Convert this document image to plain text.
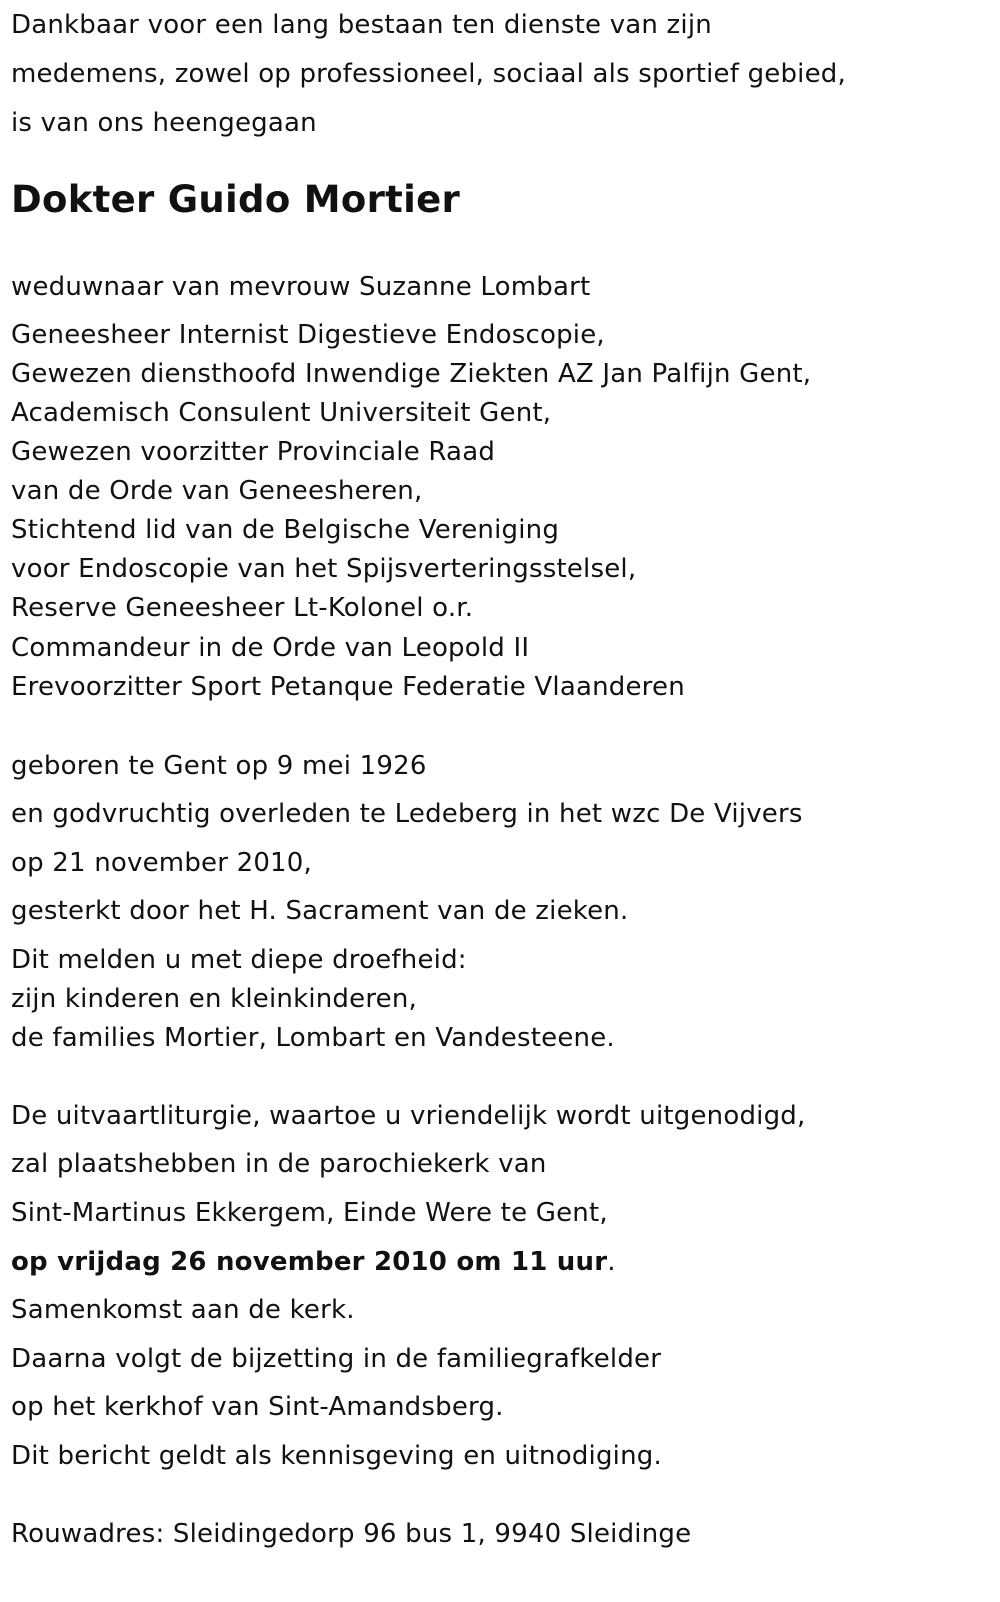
Dankbaar voor een lang bestaan ten dienste van zijn
medemens, zowel op professioneel, sociaal als sportief gebied,
is van ons heengegaan
Dokter Guido Mortier
weduwnaar van mevrouw Suzanne Lombart
Geneesheer Internist Digestieve Endoscopie,
Gewezen diensthoofd Inwendige Ziekten AZ Jan Palfijn Gent,
Academisch Consulent Universiteit Gent,
Gewezen voorzitter Provinciale Raad
van de Orde van Geneesheren,
Stichtend lid van de Belgische Vereniging
voor Endoscopie van het Spijsverteringsstelsel,
Reserve Geneesheer Lt-Kolonel o.r.
Commandeur in de Orde van Leopold II
Erevoorzitter Sport Petanque Federatie Vlaanderen
geboren te Gent op 9 mei 1926
en godvruchtig overleden te Ledeberg in het wzc De Vijvers
op 21 november 2010,
gesterkt door het H. Sacrament van de zieken.
Dit melden u met diepe droefheid:
zijn kinderen en kleinkinderen,
de families Mortier, Lombart en Vandesteene.
De uitvaartliturgie, waartoe u vriendelijk wordt uitgenodigd,
zal plaatshebben in de parochiekerk van
Sint-Martinus Ekkergem, Einde Were te Gent,
op vrijdag 26 november 2010 om 11 uur.
Samenkomst aan de kerk.
Daarna volgt de bijzetting in de familiegrafkelder
op het kerkhof van Sint-Amandsberg.
Dit bericht geldt als kennisgeving en uitnodiging.
Rouwadres: Sleidingedorp 96 bus 1, 9940 Sleidinge
